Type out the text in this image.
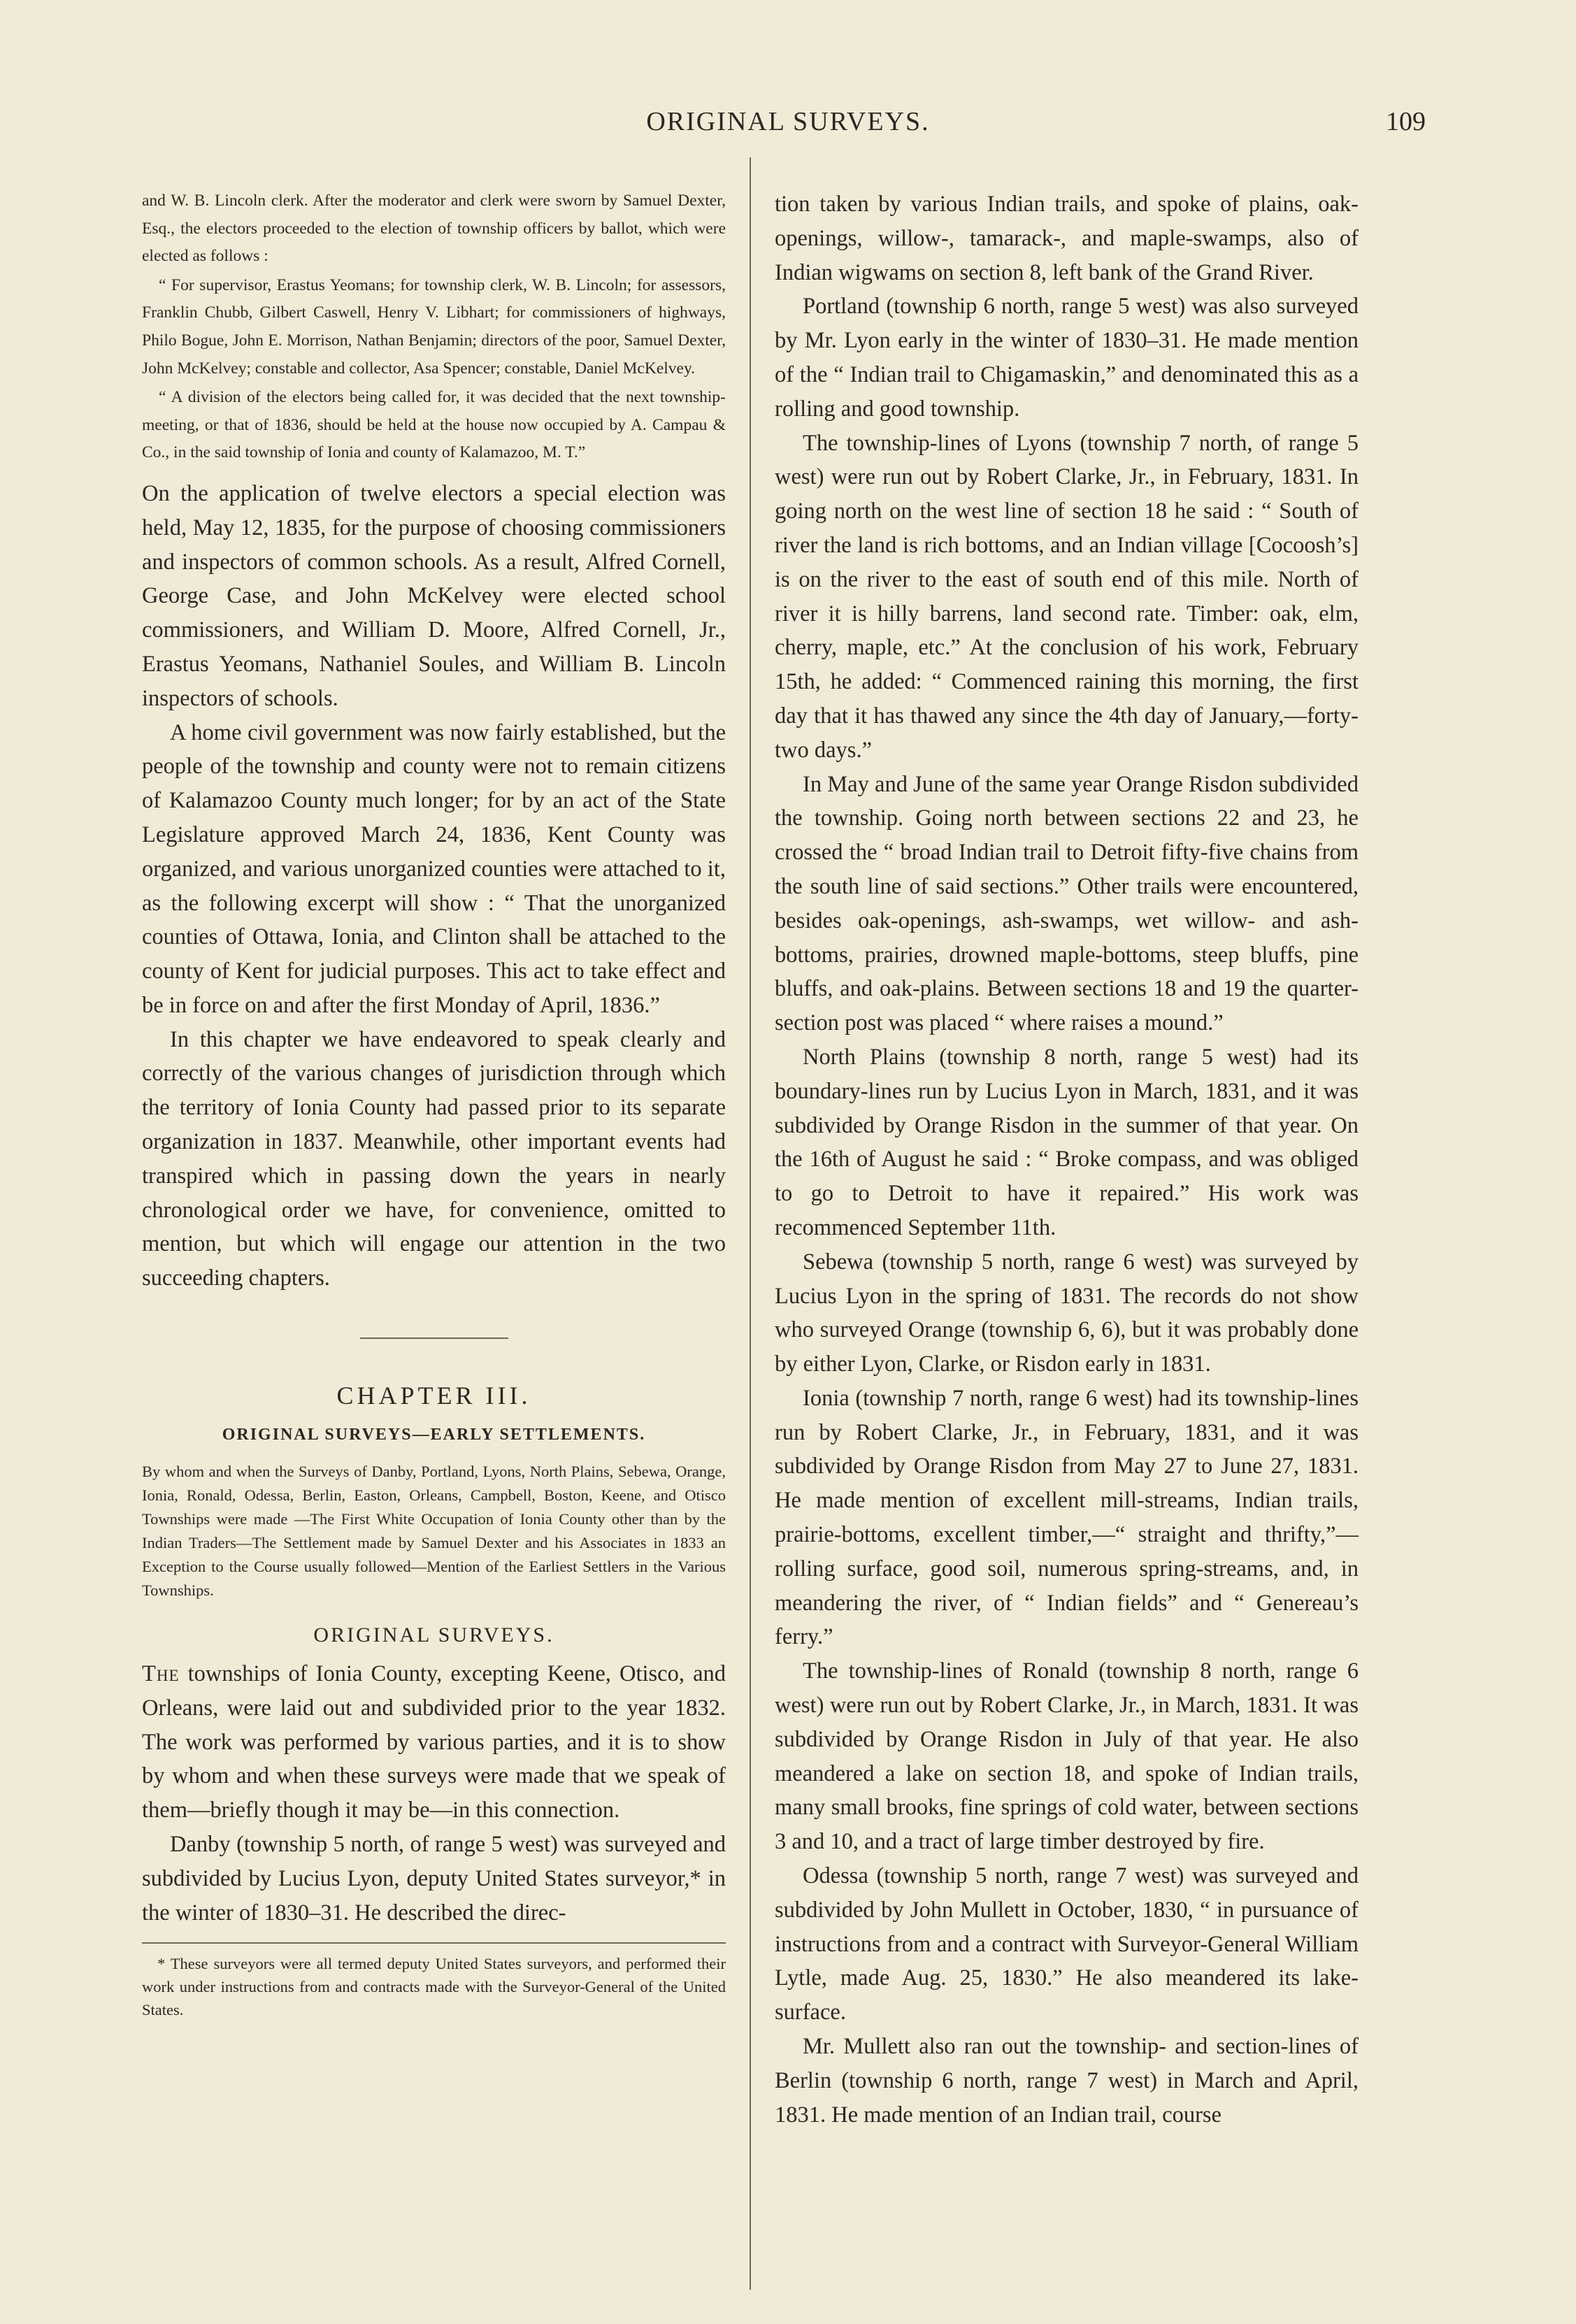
ORIGINAL SURVEYS.	109

and W. B. Lincoln clerk. After the moderator and clerk were sworn by Samuel Dexter, Esq., the electors proceeded to the election of township officers by ballot, which were elected as follows :

“ For supervisor, Erastus Yeomans; for township clerk, W. B. Lincoln; for assessors, Franklin Chubb, Gilbert Caswell, Henry V. Libhart; for commissioners of highways, Philo Bogue, John E. Morrison, Nathan Benjamin; directors of the poor, Samuel Dexter, John McKelvey; constable and collector, Asa Spencer; constable, Daniel McKelvey.

“ A division of the electors being called for, it was decided that the next township-meeting, or that of 1836, should be held at the house now occupied by A. Campau & Co., in the said township of Ionia and county of Kalamazoo, M. T.”

On the application of twelve electors a special election was held, May 12, 1835, for the purpose of choosing commissioners and inspectors of common schools. As a result, Alfred Cornell, George Case, and John McKelvey were elected school commissioners, and William D. Moore, Alfred Cornell, Jr., Erastus Yeomans, Nathaniel Soules, and William B. Lincoln inspectors of schools.

A home civil government was now fairly established, but the people of the township and county were not to remain citizens of Kalamazoo County much longer; for by an act of the State Legislature approved March 24, 1836, Kent County was organized, and various unorganized counties were attached to it, as the following excerpt will show : “ That the unorganized counties of Ottawa, Ionia, and Clinton shall be attached to the county of Kent for judicial purposes. This act to take effect and be in force on and after the first Monday of April, 1836.”

In this chapter we have endeavored to speak clearly and correctly of the various changes of jurisdiction through which the territory of Ionia County had passed prior to its separate organization in 1837. Meanwhile, other important events had transpired which in passing down the years in nearly chronological order we have, for convenience, omitted to mention, but which will engage our attention in the two succeeding chapters.

CHAPTER III.
ORIGINAL SURVEYS—EARLY SETTLEMENTS.

By whom and when the Surveys of Danby, Portland, Lyons, North Plains, Sebewa, Orange, Ionia, Ronald, Odessa, Berlin, Easton, Orleans, Campbell, Boston, Keene, and Otisco Townships were made —The First White Occupation of Ionia County other than by the Indian Traders—The Settlement made by Samuel Dexter and his Associates in 1833 an Exception to the Course usually followed—Mention of the Earliest Settlers in the Various Townships.

ORIGINAL SURVEYS.

The townships of Ionia County, excepting Keene, Otisco, and Orleans, were laid out and subdivided prior to the year 1832. The work was performed by various parties, and it is to show by whom and when these surveys were made that we speak of them—briefly though it may be—in this connection.

Danby (township 5 north, of range 5 west) was surveyed and subdivided by Lucius Lyon, deputy United States surveyor,* in the winter of 1830–31. He described the direc-

* These surveyors were all termed deputy United States surveyors, and performed their work under instructions from and contracts made with the Surveyor-General of the United States.

tion taken by various Indian trails, and spoke of plains, oak-openings, willow-, tamarack-, and maple-swamps, also of Indian wigwams on section 8, left bank of the Grand River.

Portland (township 6 north, range 5 west) was also surveyed by Mr. Lyon early in the winter of 1830–31. He made mention of the “ Indian trail to Chigamaskin,” and denominated this as a rolling and good township.

The township-lines of Lyons (township 7 north, of range 5 west) were run out by Robert Clarke, Jr., in February, 1831. In going north on the west line of section 18 he said : “ South of river the land is rich bottoms, and an Indian village [Cocoosh’s] is on the river to the east of south end of this mile. North of river it is hilly barrens, land second rate. Timber: oak, elm, cherry, maple, etc.” At the conclusion of his work, February 15th, he added: “ Commenced raining this morning, the first day that it has thawed any since the 4th day of January,—forty-two days.”

In May and June of the same year Orange Risdon subdivided the township. Going north between sections 22 and 23, he crossed the “ broad Indian trail to Detroit fifty-five chains from the south line of said sections.” Other trails were encountered, besides oak-openings, ash-swamps, wet willow- and ash-bottoms, prairies, drowned maple-bottoms, steep bluffs, pine bluffs, and oak-plains. Between sections 18 and 19 the quarter-section post was placed “ where raises a mound.”

North Plains (township 8 north, range 5 west) had its boundary-lines run by Lucius Lyon in March, 1831, and it was subdivided by Orange Risdon in the summer of that year. On the 16th of August he said : “ Broke compass, and was obliged to go to Detroit to have it repaired.” His work was recommenced September 11th.

Sebewa (township 5 north, range 6 west) was surveyed by Lucius Lyon in the spring of 1831. The records do not show who surveyed Orange (township 6, 6), but it was probably done by either Lyon, Clarke, or Risdon early in 1831.

Ionia (township 7 north, range 6 west) had its township-lines run by Robert Clarke, Jr., in February, 1831, and it was subdivided by Orange Risdon from May 27 to June 27, 1831. He made mention of excellent mill-streams, Indian trails, prairie-bottoms, excellent timber,—“ straight and thrifty,”—rolling surface, good soil, numerous spring-streams, and, in meandering the river, of “ Indian fields” and “ Genereau’s ferry.”

The township-lines of Ronald (township 8 north, range 6 west) were run out by Robert Clarke, Jr., in March, 1831. It was subdivided by Orange Risdon in July of that year. He also meandered a lake on section 18, and spoke of Indian trails, many small brooks, fine springs of cold water, between sections 3 and 10, and a tract of large timber destroyed by fire.

Odessa (township 5 north, range 7 west) was surveyed and subdivided by John Mullett in October, 1830, “ in pursuance of instructions from and a contract with Surveyor-General William Lytle, made Aug. 25, 1830.” He also meandered its lake-surface.

Mr. Mullett also ran out the township- and section-lines of Berlin (township 6 north, range 7 west) in March and April, 1831. He made mention of an Indian trail, course
